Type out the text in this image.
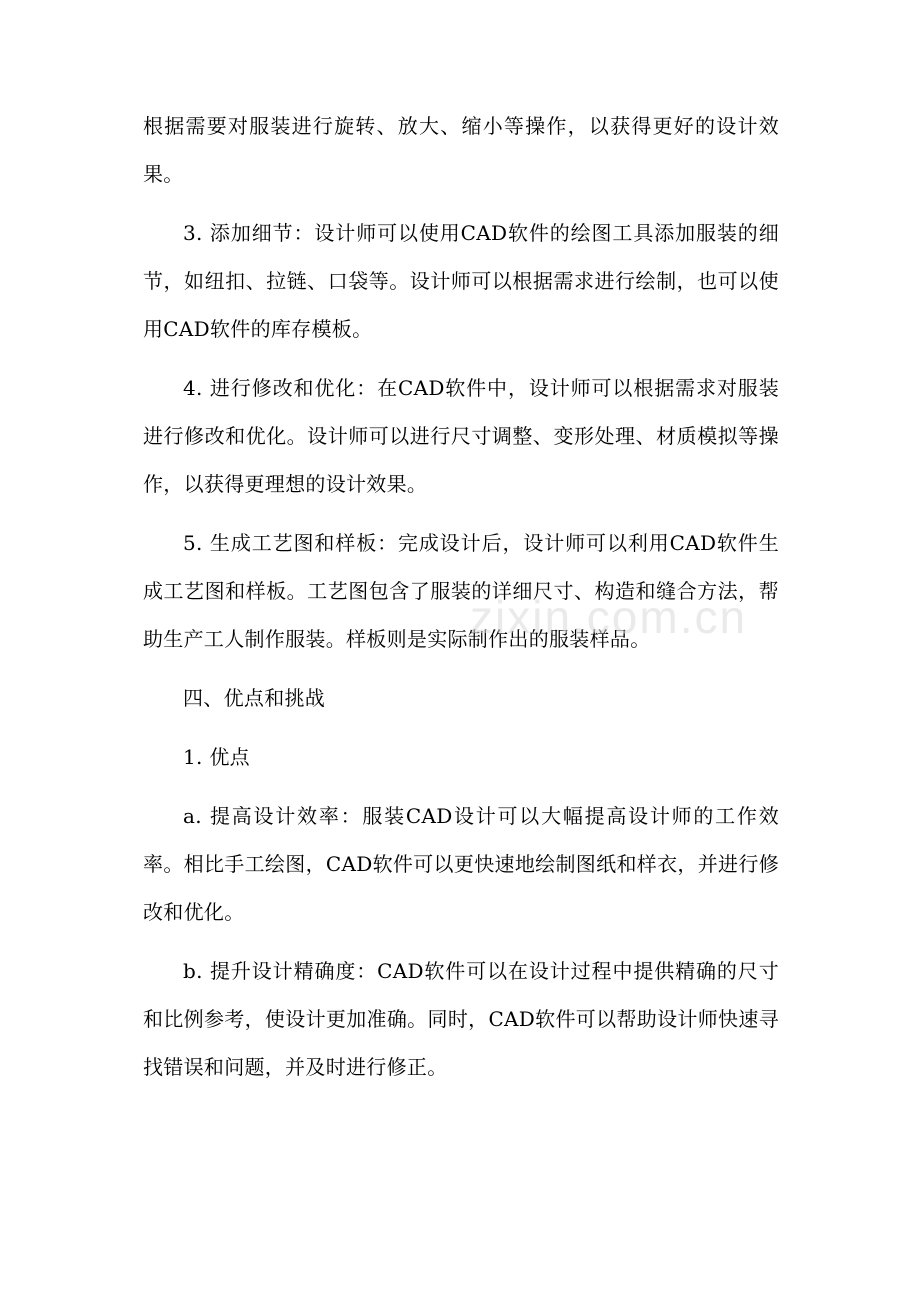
根据需要对服装进行旋转、放大、缩小等操作，以获得更好的设计效果。

3. 添加细节：设计师可以使用CAD软件的绘图工具添加服装的细节，如纽扣、拉链、口袋等。设计师可以根据需求进行绘制，也可以使用CAD软件的库存模板。

4. 进行修改和优化：在CAD软件中，设计师可以根据需求对服装进行修改和优化。设计师可以进行尺寸调整、变形处理、材质模拟等操作，以获得更理想的设计效果。

5. 生成工艺图和样板：完成设计后，设计师可以利用CAD软件生成工艺图和样板。工艺图包含了服装的详细尺寸、构造和缝合方法，帮助生产工人制作服装。样板则是实际制作出的服装样品。

四、优点和挑战

1. 优点

a. 提高设计效率：服装CAD设计可以大幅提高设计师的工作效率。相比手工绘图，CAD软件可以更快速地绘制图纸和样衣，并进行修改和优化。

b. 提升设计精确度：CAD软件可以在设计过程中提供精确的尺寸和比例参考，使设计更加准确。同时，CAD软件可以帮助设计师快速寻找错误和问题，并及时进行修正。

zixin.com.cn
